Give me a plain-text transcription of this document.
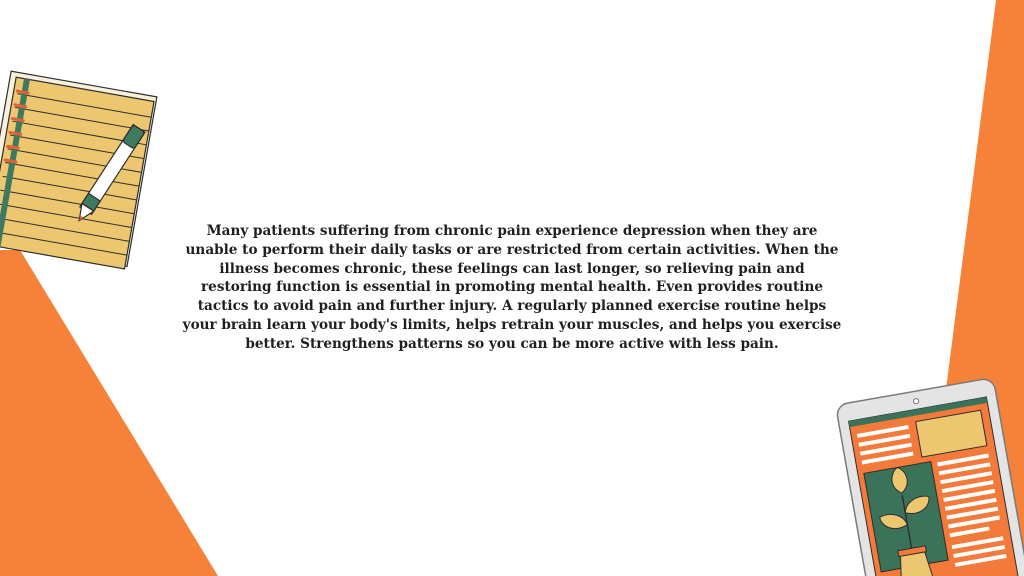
Many patients suffering from chronic pain experience depression when they are unable to perform their daily tasks or are restricted from certain activities. When the illness becomes chronic, these feelings can last longer, so relieving pain and restoring function is essential in promoting mental health. Even provides routine tactics to avoid pain and further injury. A regularly planned exercise routine helps your brain learn your body's limits, helps retrain your muscles, and helps you exercise better. Strengthens patterns so you can be more active with less pain.
